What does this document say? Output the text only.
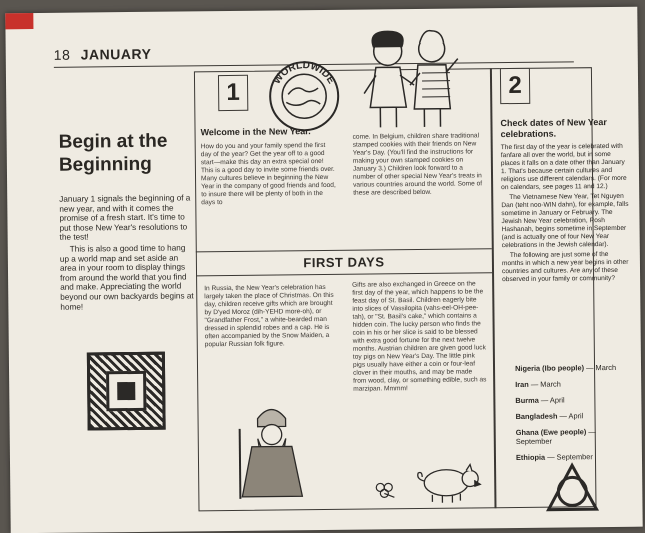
18 JANUARY
Begin at the
Beginning

January 1 signals the beginning of a new year, and with it comes the promise of a fresh start. It's time to put those New Year's resolutions to the test!

This is also a good time to hang up a world map and set aside an area in your room to display things from around the world that you find and make. Appreciating the world beyond our own backyards begins at home!

1	2
WORLDWIDE
Welcome in the New Year.
How do you and your family spend the first day of the year? Get the year off to a good start—make this day an extra special one! This is a good day to invite some friends over. Many cultures believe in beginning the New Year in the company of good friends and food, to insure there will be plenty of both in the days to
come. In Belgium, children share traditional stamped cookies with their friends on New Year's Day. (You'll find the instructions for making your own stamped cookies on January 3.) Children look forward to a number of other special New Year's treats in various countries around the world. Some of these are described below.
FIRST DAYS
In Russia, the New Year's celebration has largely taken the place of Christmas. On this day, children receive gifts which are brought by D'yed Moroz (dih-YEHD more-oh), or "Grandfather Frost," a white-bearded man dressed in splendid robes and a cap. He is often accompanied by the Snow Maiden, a popular Russian folk figure.
Gifts are also exchanged in Greece on the first day of the year, which happens to be the feast day of St. Basil. Children eagerly bite into slices of Vassilopita (vahs-eel-OH-pee-tah), or "St. Basil's cake," which contains a hidden coin. The lucky person who finds the coin in his or her slice is said to be blessed with extra good fortune for the next twelve months. Austrian children are given good luck toy pigs on New Year's Day. The little pink pigs usually have either a coin or four-leaf clover in their mouths, and may be made from wood, clay, or something edible, such as marzipan. Mmmm!
Check dates of New Year celebrations.

The first day of the year is celebrated with fanfare all over the world, but in some places it falls on a date other than January 1. That's because certain cultures and religions use different calendars. (For more on calendars, see pages 11 and 12.)

The Vietnamese New Year, Tet Nguyen Dan (teht noo-WIN dahn), for example, falls sometime in January or February. The Jewish New Year celebration, Rosh Hashanah, begins sometime in September (and is actually one of four New Year celebrations in the Jewish calendar).

The following are just some of the months in which a new year begins in other countries and cultures. Are any of these observed in your family or community?

Nigeria (Ibo people) — March
Iran — March
Burma — April
Bangladesh — April
Ghana (Ewe people) — September
Ethiopia — September
